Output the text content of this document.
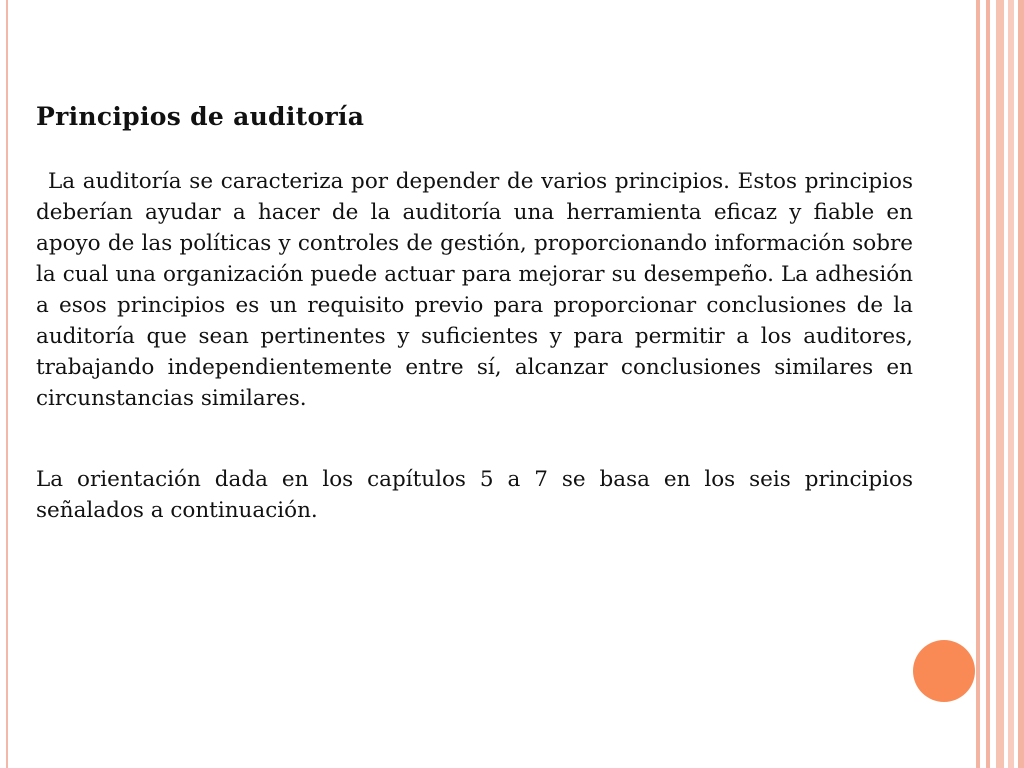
Principios de auditoría

La auditoría se caracteriza por depender de varios principios. Estos principios deberían ayudar a hacer de la auditoría una herramienta eficaz y fiable en apoyo de las políticas y controles de gestión, proporcionando información sobre la cual una organización puede actuar para mejorar su desempeño. La adhesión a esos principios es un requisito previo para proporcionar conclusiones de la auditoría que sean pertinentes y suficientes y para permitir a los auditores, trabajando independientemente entre sí, alcanzar conclusiones similares en circunstancias similares.

La orientación dada en los capítulos 5 a 7 se basa en los seis principios señalados a continuación.
